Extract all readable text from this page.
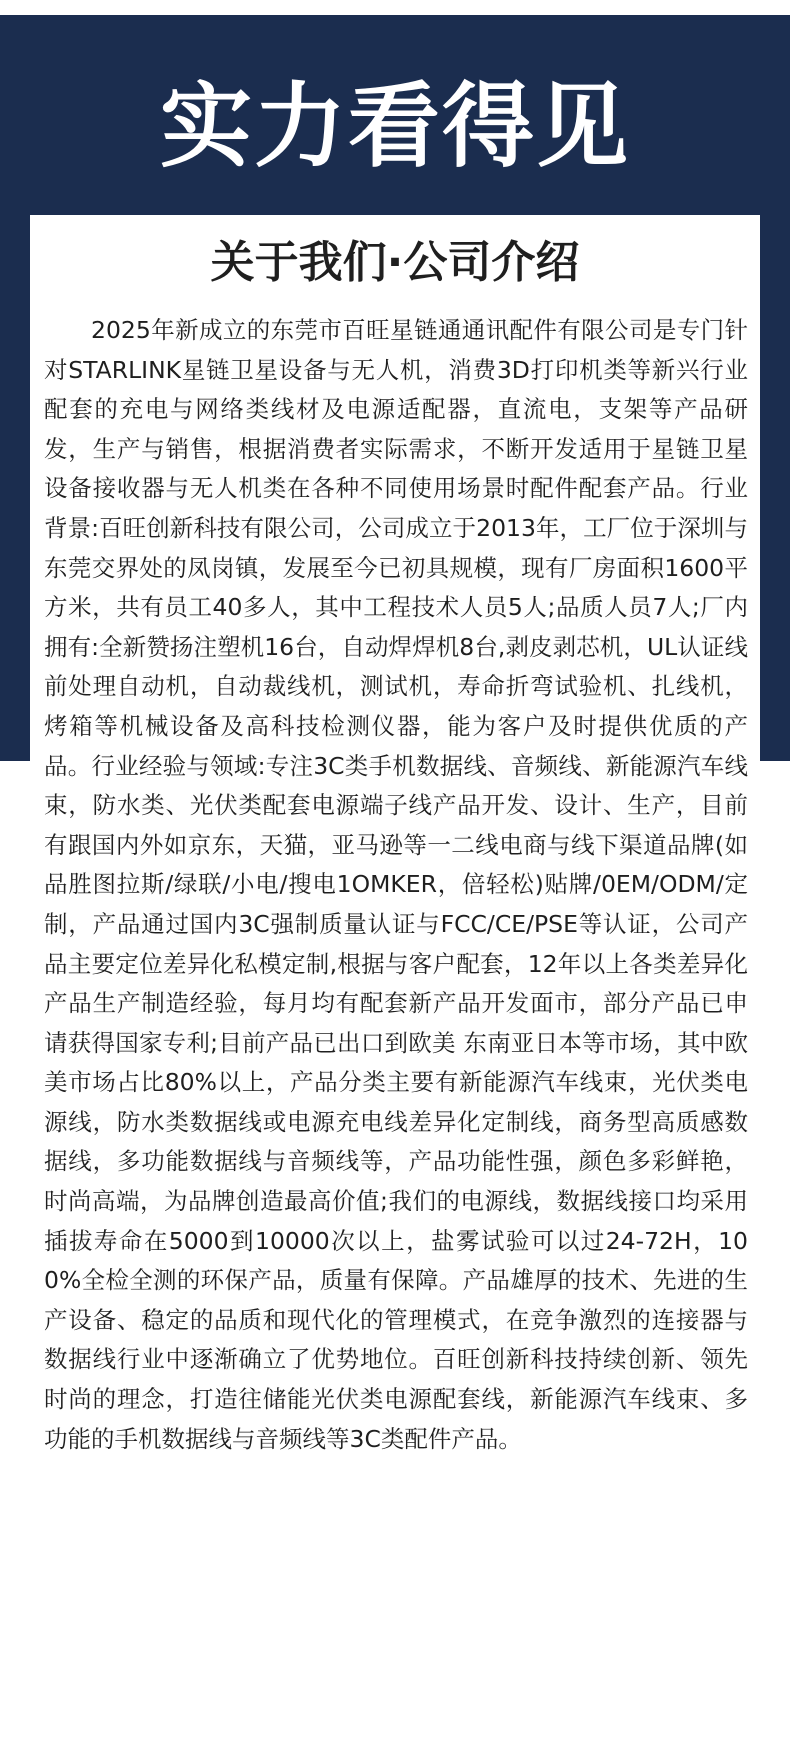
实力看得见
关于我们·公司介绍

2025年新成立的东莞市百旺星链通通讯配件有限公司是专门针对STARLINK星链卫星设备与无人机，消费3D打印机类等新兴行业配套的充电与网络类线材及电源适配器，直流电，支架等产品研发，生产与销售，根据消费者实际需求，不断开发适用于星链卫星设备接收器与无人机类在各种不同使用场景时配件配套产品。行业背景:百旺创新科技有限公司，公司成立于2013年，工厂位于深圳与东莞交界处的凤岗镇，发展至今已初具规模，现有厂房面积1600平方米，共有员工40多人，其中工程技术人员5人;品质人员7人;厂内拥有:全新赞扬注塑机16台，自动焊焊机8台,剥皮剥芯机，UL认证线前处理自动机，自动裁线机，测试机，寿命折弯试验机、扎线机，烤箱等机械设备及高科技检测仪器，能为客户及时提供优质的产品。行业经验与领域:专注3C类手机数据线、音频线、新能源汽车线束，防水类、光伏类配套电源端子线产品开发、设计、生产，目前有跟国内外如京东，天猫，亚马逊等一二线电商与线下渠道品牌(如品胜图拉斯/绿联/小电/搜电1OMKER，倍轻松)贴牌/0EM/ODM/定制，产品通过国内3C强制质量认证与FCC/CE/PSE等认证，公司产品主要定位差异化私模定制,根据与客户配套，12年以上各类差异化产品生产制造经验，每月均有配套新产品开发面市，部分产品已申请获得国家专利;目前产品已出口到欧美 东南亚日本等市场，其中欧美市场占比80%以上，产品分类主要有新能源汽车线束，光伏类电源线，防水类数据线或电源充电线差异化定制线，商务型高质感数据线，多功能数据线与音频线等，产品功能性强，颜色多彩鲜艳，时尚高端，为品牌创造最高价值;我们的电源线，数据线接口均采用插拔寿命在5000到10000次以上，盐雾试验可以过24-72H，100%全检全测的环保产品，质量有保障。产品雄厚的技术、先进的生产设备、稳定的品质和现代化的管理模式，在竞争激烈的连接器与数据线行业中逐渐确立了优势地位。百旺创新科技持续创新、领先时尚的理念，打造往储能光伏类电源配套线，新能源汽车线束、多功能的手机数据线与音频线等3C类配件产品。
